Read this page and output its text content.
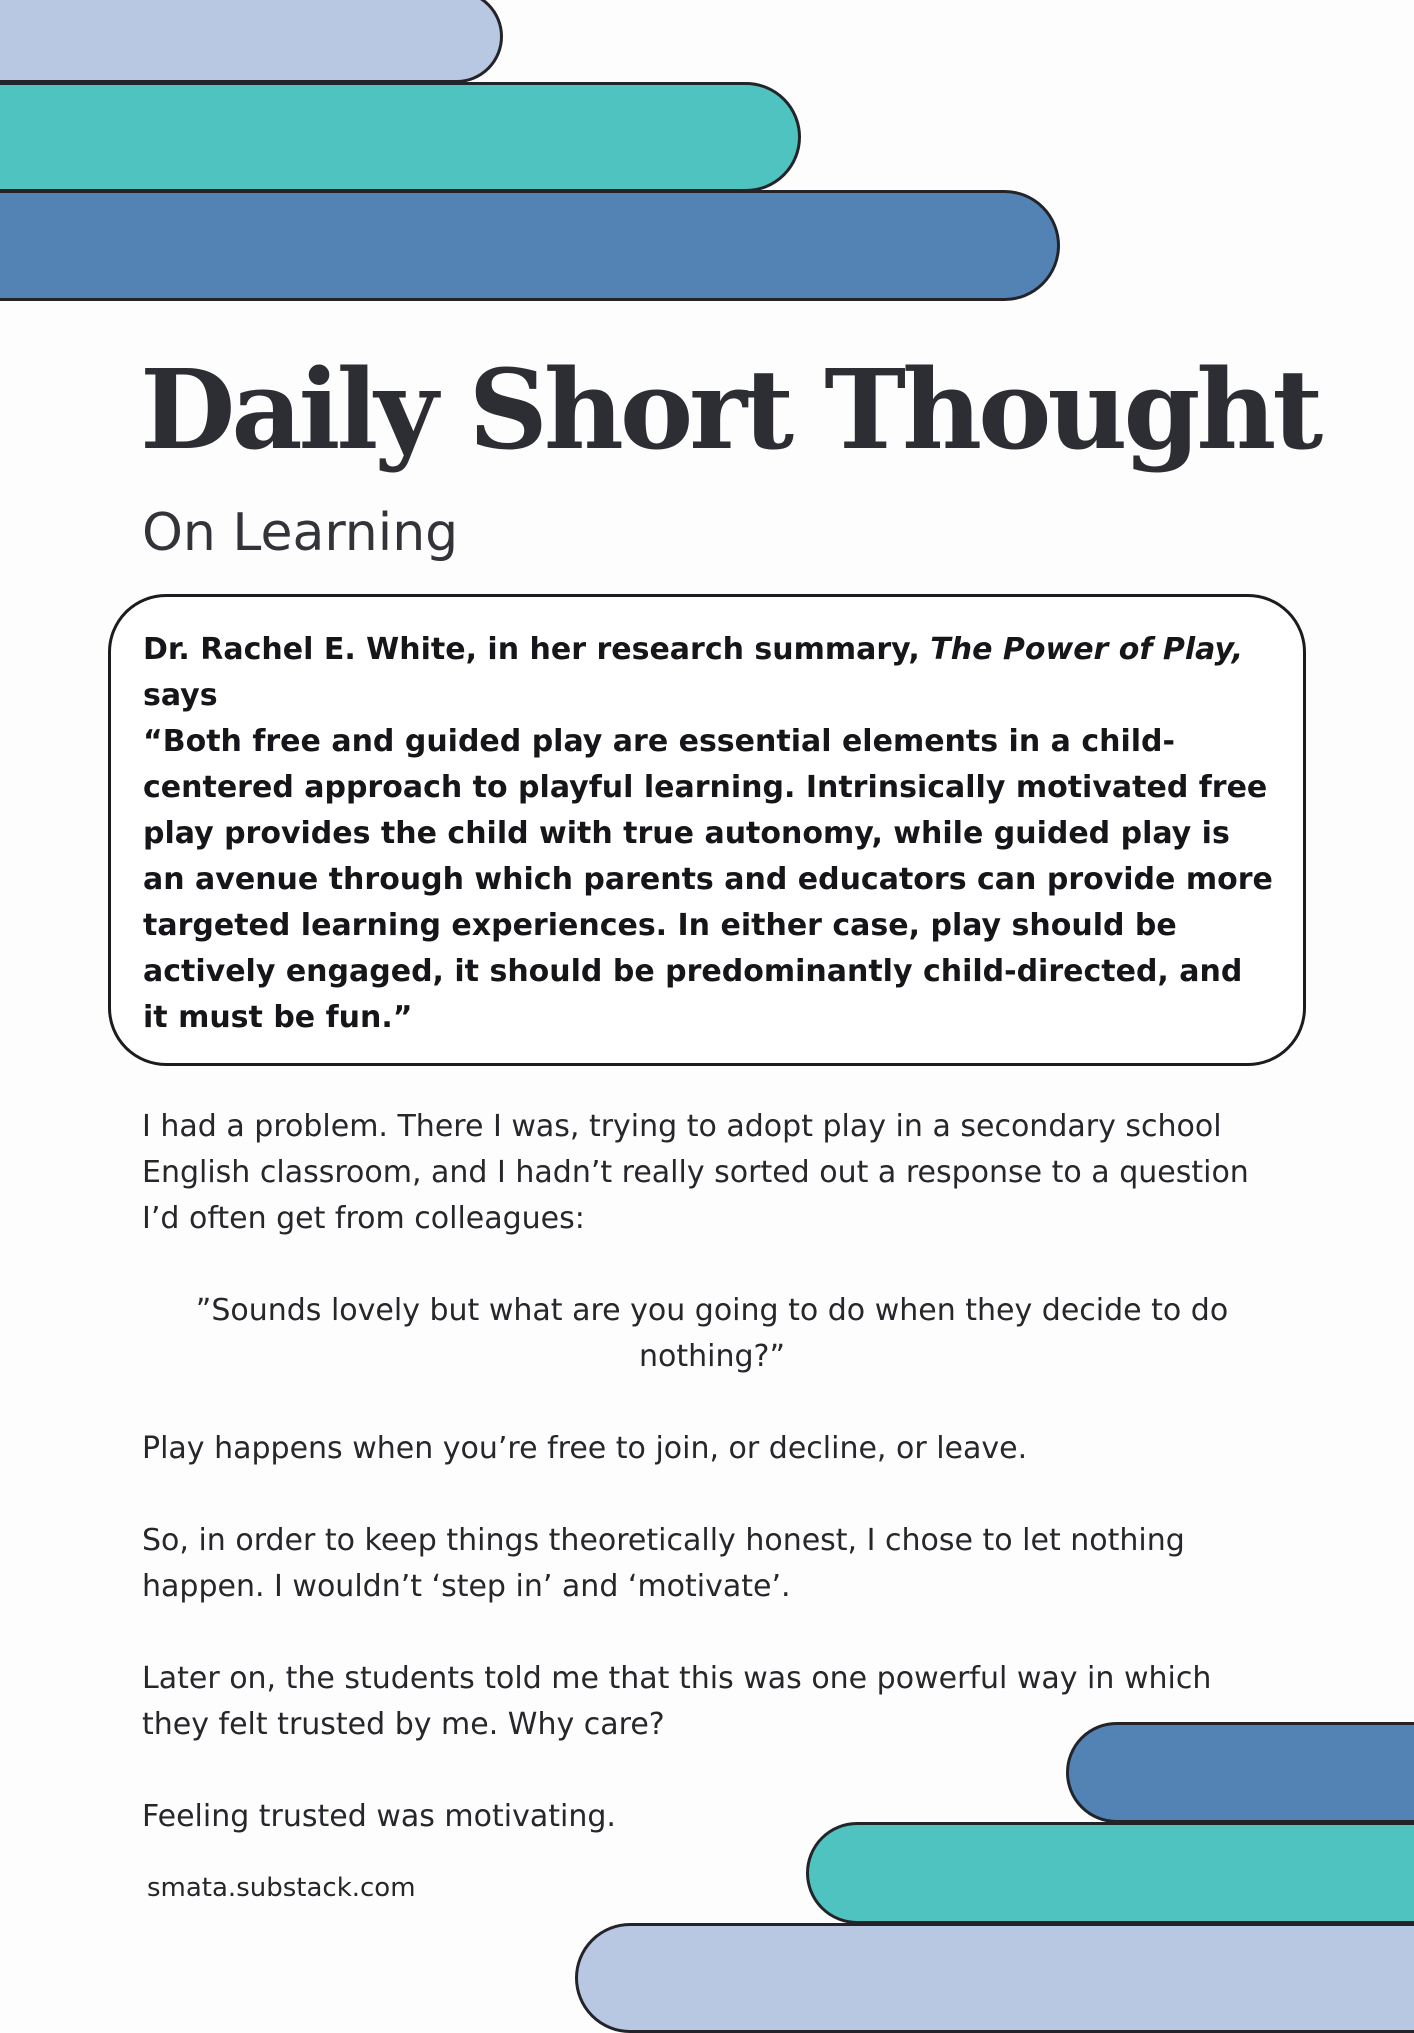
Daily Short Thought
On Learning

Dr. Rachel E. White, in her research summary, The Power of Play, says

“Both free and guided play are essential elements in a child-centered approach to playful learning. Intrinsically motivated free play provides the child with true autonomy, while guided play is an avenue through which parents and educators can provide more targeted learning experiences. In either case, play should be actively engaged, it should be predominantly child-directed, and it must be fun.”

I had a problem. There I was, trying to adopt play in a secondary school English classroom, and I hadn’t really sorted out a response to a question I’d often get from colleagues:

”Sounds lovely but what are you going to do when they decide to do nothing?”

Play happens when you’re free to join, or decline, or leave.

So, in order to keep things theoretically honest, I chose to let nothing happen. I wouldn’t ‘step in’ and ‘motivate’.

Later on, the students told me that this was one powerful way in which they felt trusted by me. Why care?

Feeling trusted was motivating.

smata.substack.com
